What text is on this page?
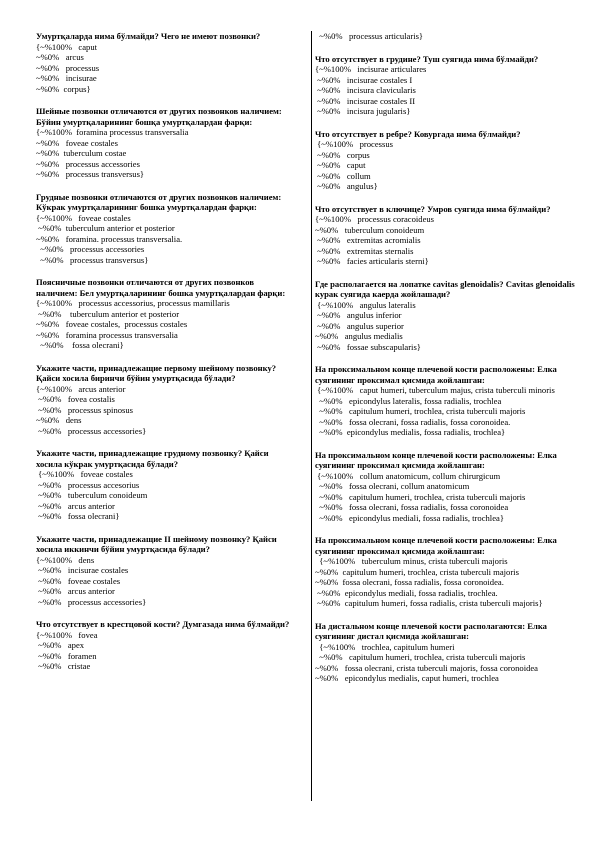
Умуртқаларда нима бўлмайди? Чего не имеют позвонки?
{~%100%   caput
~%0%   arcus
~%0%   processus
~%0%   incisurae
~%0%  corpus}
Шейные позвонки отличаются от других позвонков наличием: Бўйин умуртқаларининг бошқа умуртқалардан фарқи:
{~%100%  foramina processus transversalia
~%0%   foveae costales
~%0%  tuberculum costae
~%0%   processus accessories
~%0%   processus transversus}
Грудные позвонки отличаются от других позвонков наличием: Кўкрак умуртқаларининг бошка умуртқалардан фарқи:
{~%100%   foveae costales
~%0%  tuberculum anterior et posterior
~%0%   foramina. processus transversalia.
~%0%   processus accessories
~%0%   processus transversus}
Поясничные позвонки отличаются от других позвонков наличием: Бел умуртқаларининг бошка умуртқалардан фарқи:
{~%100%   processus accessorius, processus mamillaris
~%0%    tuberculum anterior et posterior
~%0%   foveae costales,  processus costales
~%0%   foramina processus transversalia
~%0%    fossa olecrani}
Укажите части, принадлежащие первому шейному позвонку? Қайси хосила биринчи бўйин умуртқасида бўлади?
{~%100%   arcus anterior
~%0%   fovea costalis
~%0%   processus spinosus
~%0%   dens
~%0%   processus accessories}
Укажите части, принадлежащие грудному позвонку? Қайси хосила кўкрак умуртқасида бўлади?
{~%100%   foveae costales
~%0%   processus accesorius
~%0%   tuberculum conoideum
~%0%   arcus anterior
~%0%   fossa olecrani}
Укажите части, принадлежащие II шейному позвонку? Қайси хосила иккинчи бўйин умуртқасида бўлади?
{~%100%   dens
~%0%   incisurae costales
~%0%   foveae costales
~%0%   arcus anterior
~%0%   processus accessories}
Что отсутствует в крестцовой кости? Думгазада нима бўлмайди?
{~%100%   fovea
~%0%   apex
~%0%   foramen
~%0%   cristae
~%0%   processus articularis}
Что отсутствует в грудине? Туш суягида нима бўлмайди?
{~%100%   incisurae articulares
~%0%   incisurae costales I
~%0%   incisura clavicularis
~%0%   incisurae costales II
~%0%   incisura jugularis}
Что отсутствует в ребре? Ковургада нима бўлмайди?
{~%100%   processus
~%0%   corpus
~%0%   caput
~%0%   collum
~%0%   angulus}
Что отсутствует в ключице? Умров суягида нима бўлмайди?
{~%100%   processus coracoideus
~%0%   tuberculum conoideum
~%0%   extremitas acromialis
~%0%   extremitas sternalis
~%0%   facies articularis sterni}
Где располагается на лопатке cavitas glenoidalis? Cavitas glenoidalis курак суягида каерда жойлашади?
{~%100%   angulus lateralis
~%0%   angulus inferior
~%0%   angulus superior
~%0%   angulus medialis
~%0%   fossae subscapularis}
На проксимальном конце плечевой кости расположены: Елка суягининг проксимал қисмида жойлашган:
{~%100%   caput humeri, tuberculum majus, crista tuberculi minoris
~%0%   epicondylus lateralis, fossa radialis, trochlea
~%0%   capitulum humeri, trochlea, crista tuberculi majoris
~%0%   fossa olecrani, fossa radialis, fossa coronoidea.
~%0%  epicondylus medialis, fossa radialis, trochlea}
На проксимальном конце плечевой кости расположены: Елка суягининг проксимал қисмида жойлашган:
{~%100%   collum anatomicum, collum chirurgicum
~%0%   fossa olecrani, collum anatomicum
~%0%   capitulum humeri, trochlea, crista tuberculi majoris
~%0%   fossa olecrani, fossa radialis, fossa coronoidea
~%0%   epicondylus mediali, fossa radialis, trochlea}
На проксимальном конце плечевой кости расположены: Елка суягининг проксимал қисмида жойлашган:
{~%100%   tuberculum minus, crista tuberculi majoris
~%0%  capitulum humeri, trochlea, crista tuberculi majoris
~%0%  fossa olecrani, fossa radialis, fossa coronoidea.
~%0%  epicondylus mediali, fossa radialis, trochlea.
~%0%  capitulum humeri, fossa radialis, crista tuberculi majoris}
На дистальном конце плечевой кости располагаются: Елка суягининг дистал қисмида жойлашган:
{~%100%   trochlea, capitulum humeri
~%0%   capitulum humeri, trochlea, crista tuberculi majoris
~%0%   fossa olecrani, crista tuberculi majoris, fossa coronoidea
~%0%   epicondylus medialis, caput humeri, trochlea
